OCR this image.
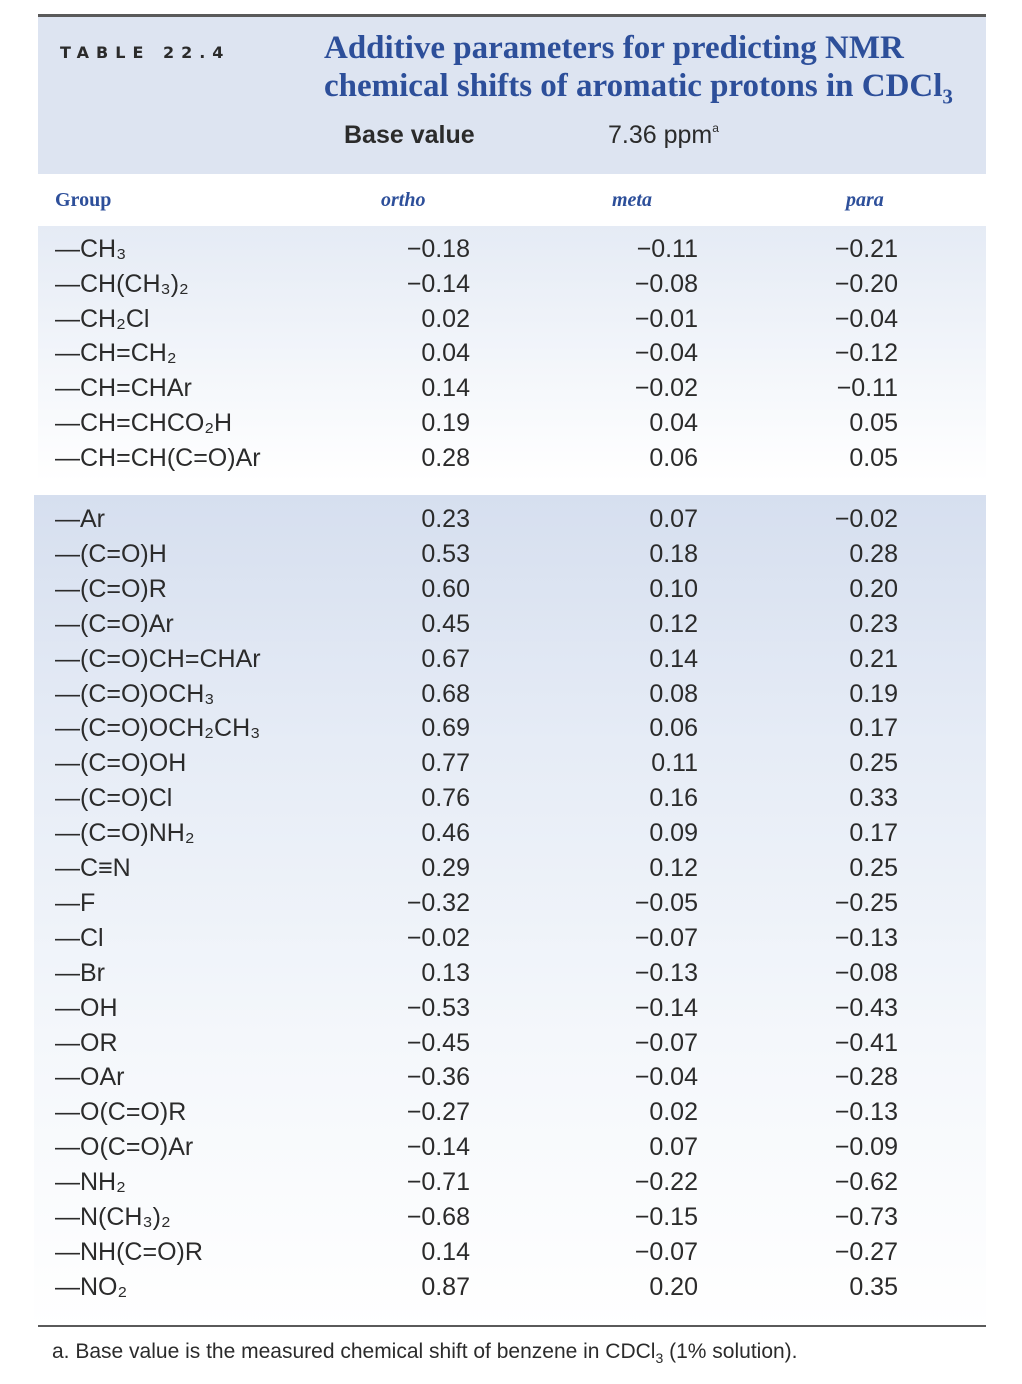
TABLE 22.4	Additive parameters for predicting NMR
chemical shifts of aromatic protons in CDCl$_3$
Base value	7.36 ppm$^a$
Group	ortho	meta	para
—CH₃	−0.18	−0.11	−0.21
—CH(CH₃)₂	−0.14	−0.08	−0.20
—CH₂Cl	0.02	−0.01	−0.04
—CH=CH₂	0.04	−0.04	−0.12
—CH=CHAr	0.14	−0.02	−0.11
—CH=CHCO₂H	0.19	0.04	0.05
—CH=CH(C=O)Ar	0.28	0.06	0.05
—Ar	0.23	0.07	−0.02
—(C=O)H	0.53	0.18	0.28
—(C=O)R	0.60	0.10	0.20
—(C=O)Ar	0.45	0.12	0.23
—(C=O)CH=CHAr	0.67	0.14	0.21
—(C=O)OCH₃	0.68	0.08	0.19
—(C=O)OCH₂CH₃	0.69	0.06	0.17
—(C=O)OH	0.77	0.11	0.25
—(C=O)Cl	0.76	0.16	0.33
—(C=O)NH₂	0.46	0.09	0.17
—C≡N	0.29	0.12	0.25
—F	−0.32	−0.05	−0.25
—Cl	−0.02	−0.07	−0.13
—Br	0.13	−0.13	−0.08
—OH	−0.53	−0.14	−0.43
—OR	−0.45	−0.07	−0.41
—OAr	−0.36	−0.04	−0.28
—O(C=O)R	−0.27	0.02	−0.13
—O(C=O)Ar	−0.14	0.07	−0.09
—NH₂	−0.71	−0.22	−0.62
—N(CH₃)₂	−0.68	−0.15	−0.73
—NH(C=O)R	0.14	−0.07	−0.27
—NO₂	0.87	0.20	0.35
a. Base value is the measured chemical shift of benzene in CDCl$_3$ (1% solution).
